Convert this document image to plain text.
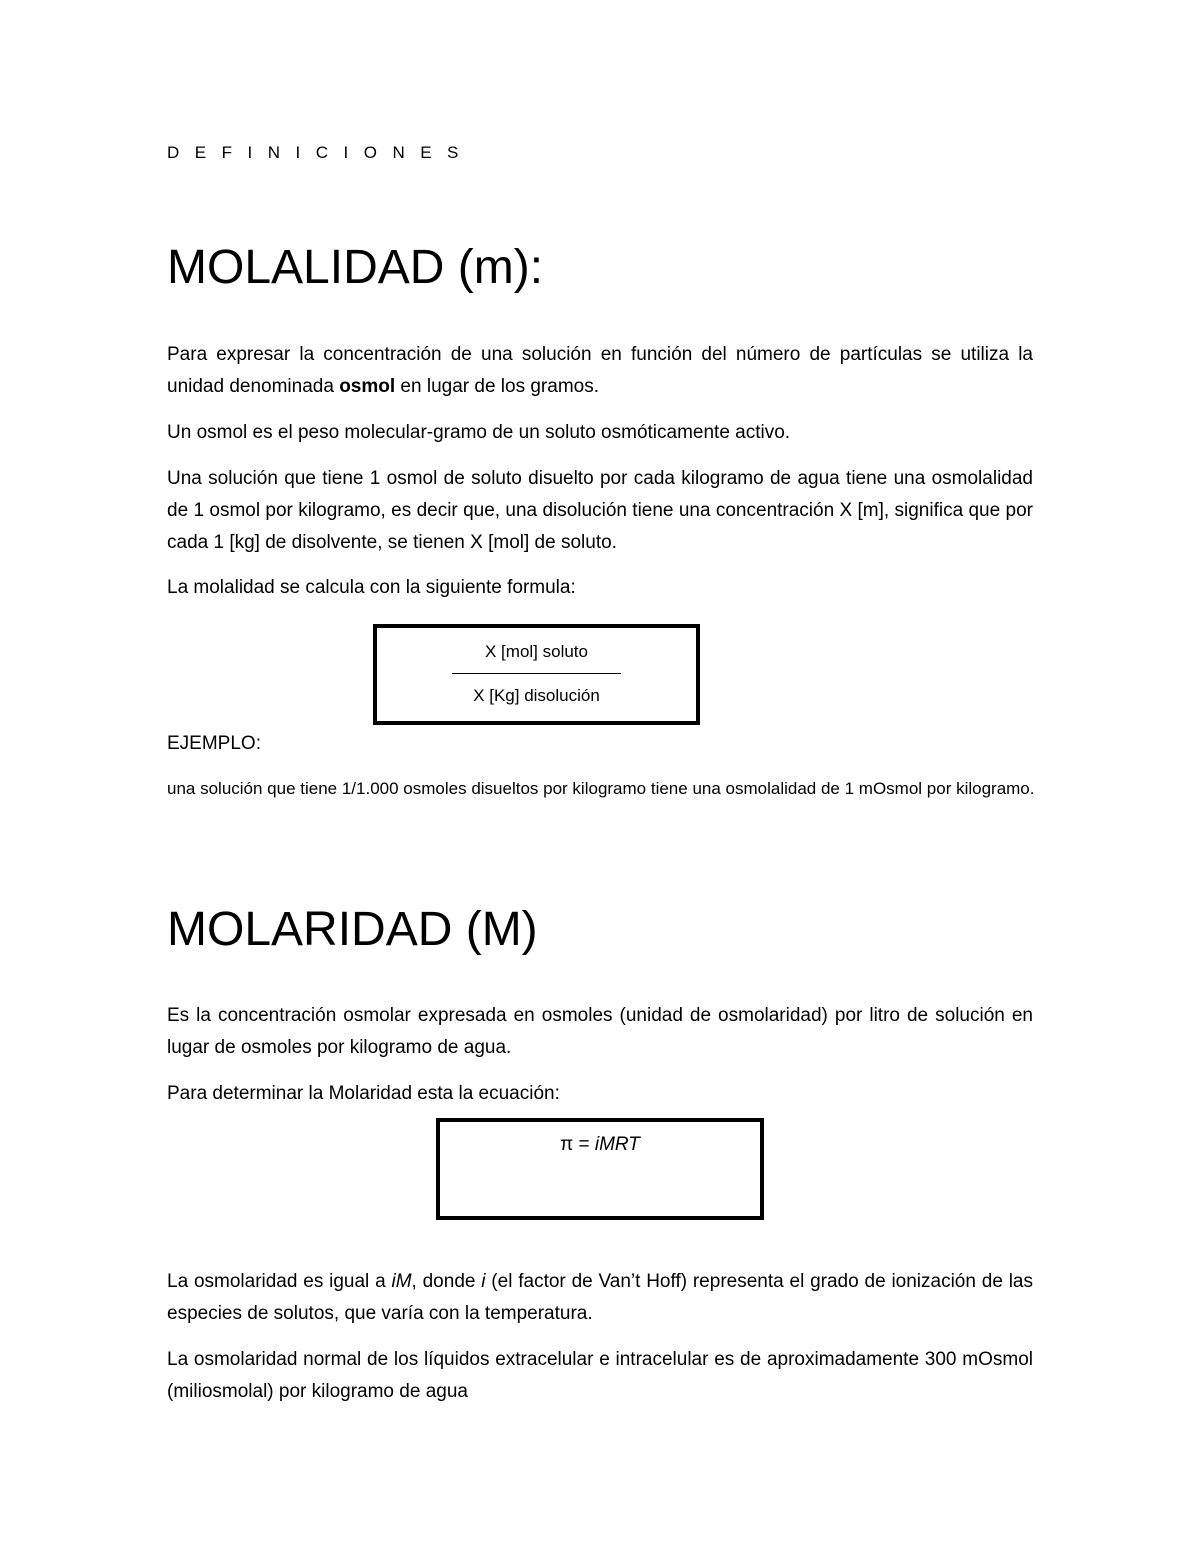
DEFINICIONES
MOLALIDAD (m):

Para expresar la concentración de una solución en función del número de partículas se utiliza la unidad denominada osmol en lugar de los gramos.

Un osmol es el peso molecular-gramo de un soluto osmóticamente activo.

Una solución que tiene 1 osmol de soluto disuelto por cada kilogramo de agua tiene una osmolalidad de 1 osmol por kilogramo, es decir que, una disolución tiene una concentración X [m], significa que por cada 1 [kg] de disolvente, se tienen X [mol] de soluto.

La molalidad se calcula con la siguiente formula:

X [mol] soluto
X [Kg] disolución

EJEMPLO:

una solución que tiene 1/1.000 osmoles disueltos por kilogramo tiene una osmolalidad de 1 mOsmol por kilogramo.

MOLARIDAD (M)

Es la concentración osmolar expresada en osmoles (unidad de osmolaridad) por litro de solución en lugar de osmoles por kilogramo de agua.

Para determinar la Molaridad esta la ecuación:

π = iMRT

La osmolaridad es igual a iM, donde i (el factor de Van’t Hoff) representa el grado de ionización de las especies de solutos, que varía con la temperatura.

La osmolaridad normal de los líquidos extracelular e intracelular es de aproximadamente 300 mOsmol (miliosmolal) por kilogramo de agua
